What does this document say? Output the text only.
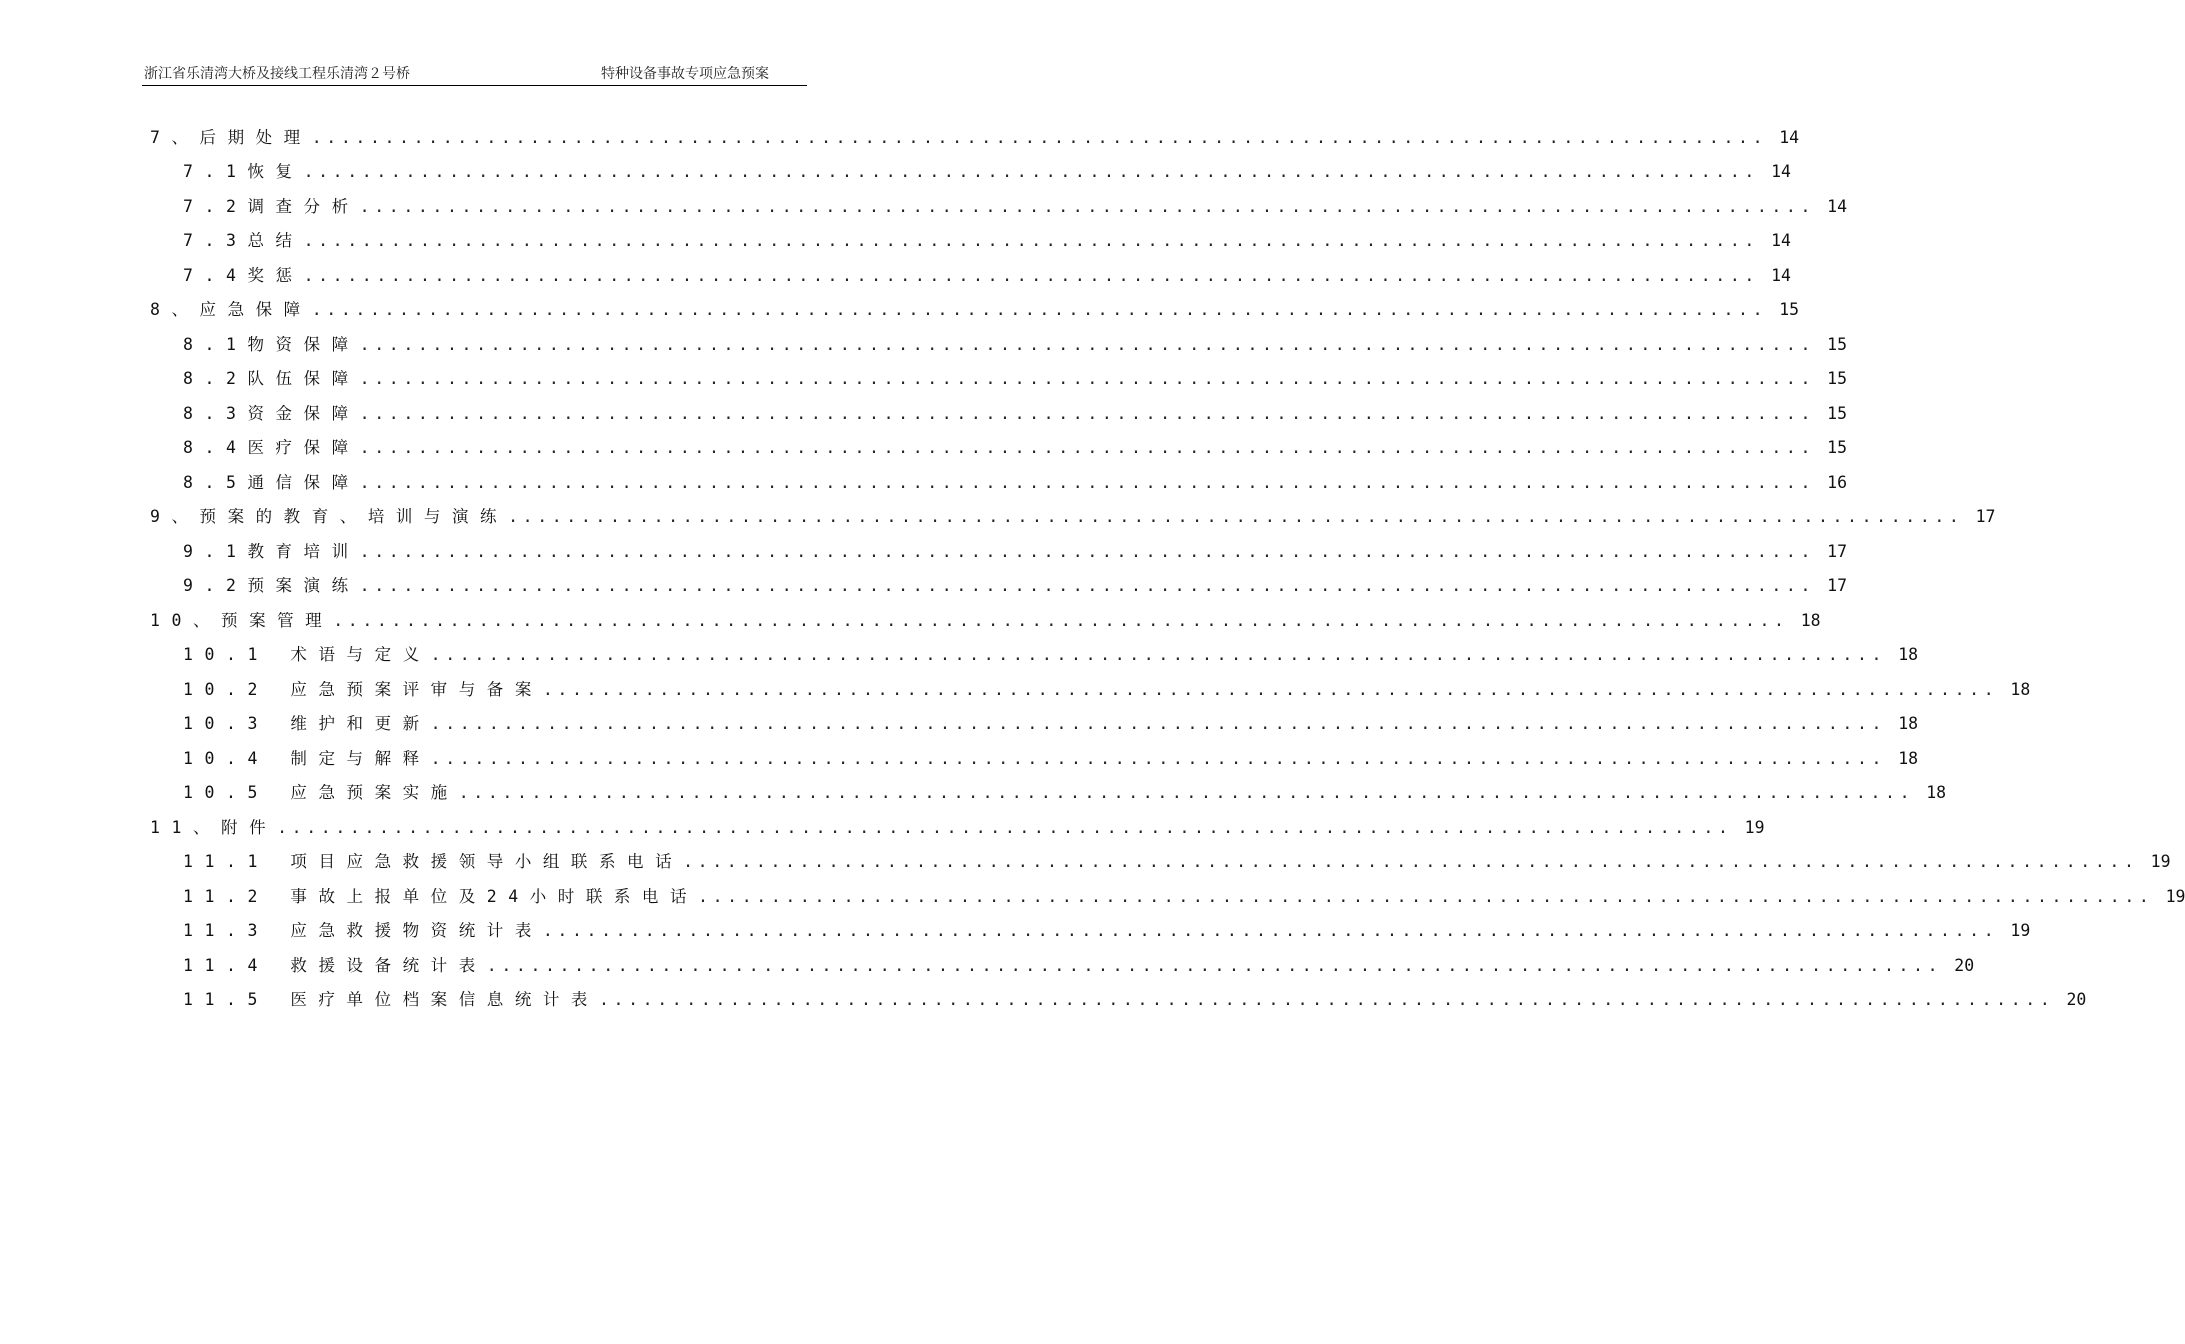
浙江省乐清湾大桥及接线工程乐清湾２号桥	特种设备事故专项应急预案
7、后期处理 .................................................................................................... 14
7.1恢复 .................................................................................................... 14
7.2调查分析 .................................................................................................... 14
7.3总结 .................................................................................................... 14
7.4奖惩 .................................................................................................... 14
8、应急保障 .................................................................................................... 15
8.1物资保障 .................................................................................................... 15
8.2队伍保障 .................................................................................................... 15
8.3资金保障 .................................................................................................... 15
8.4医疗保障 .................................................................................................... 15
8.5通信保障 .................................................................................................... 16
9、预案的教育、培训与演练 .................................................................................................... 17
9.1教育培训 .................................................................................................... 17
9.2预案演练 .................................................................................................... 17
10、预案管理 .................................................................................................... 18
10.1 术语与定义 .................................................................................................... 18
10.2 应急预案评审与备案 .................................................................................................... 18
10.3 维护和更新 .................................................................................................... 18
10.4 制定与解释 .................................................................................................... 18
10.5 应急预案实施 .................................................................................................... 18
11、附件 .................................................................................................... 19
11.1 项目应急救援领导小组联系电话 .................................................................................................... 19
11.2 事故上报单位及24小时联系电话 .................................................................................................... 19
11.3 应急救援物资统计表 .................................................................................................... 19
11.4 救援设备统计表 .................................................................................................... 20
11.5 医疗单位档案信息统计表 .................................................................................................... 20
